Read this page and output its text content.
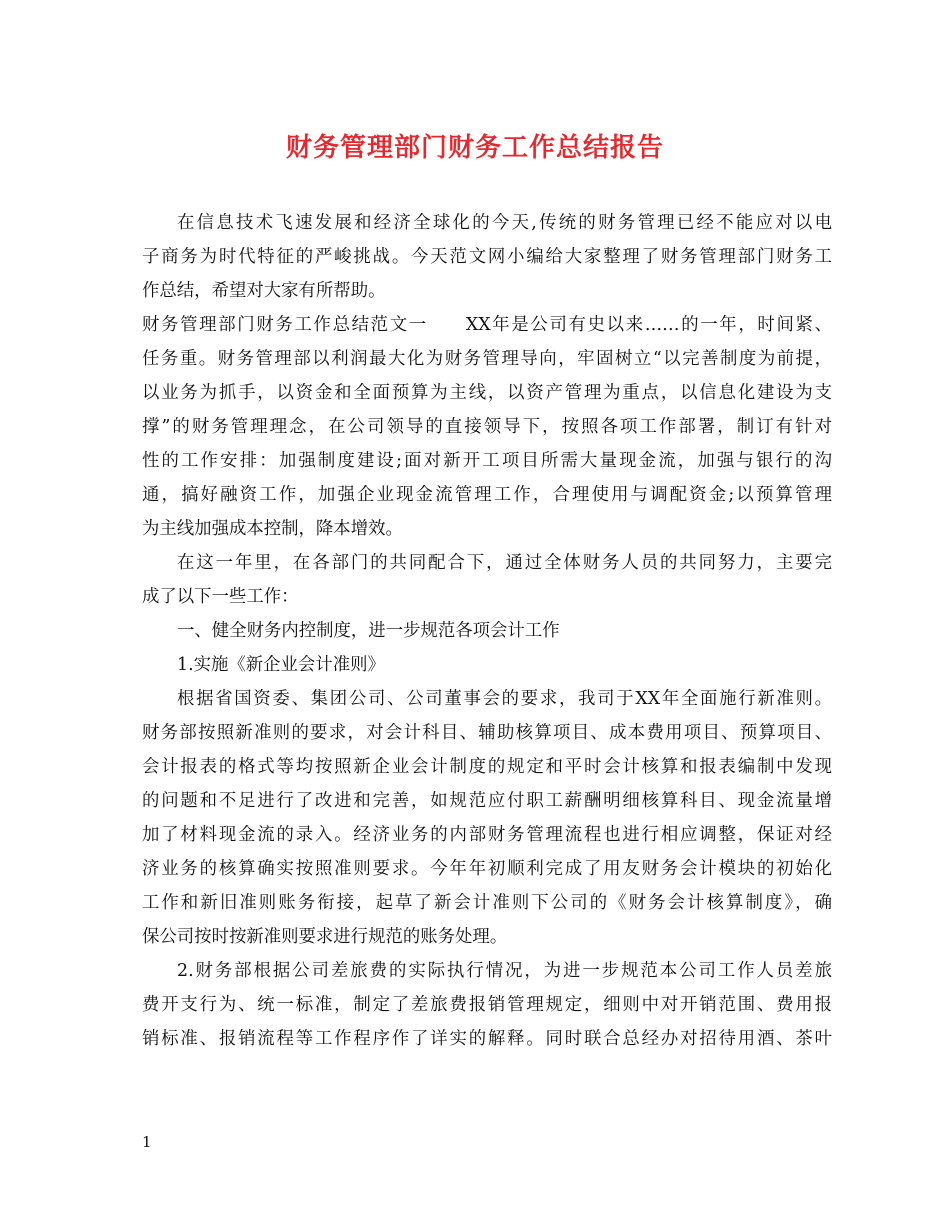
财务管理部门财务工作总结报告
在信息技术飞速发展和经济全球化的今天,传统的财务管理已经不能应对以电
子商务为时代特征的严峻挑战。今天范文网小编给大家整理了财务管理部门财务工
作总结，希望对大家有所帮助。
财务管理部门财务工作总结范文一 XX年是公司有史以来……的一年，时间紧、
任务重。财务管理部以利润最大化为财务管理导向，牢固树立“以完善制度为前提，
以业务为抓手，以资金和全面预算为主线，以资产管理为重点，以信息化建设为支
撑”的财务管理理念，在公司领导的直接领导下，按照各项工作部署，制订有针对
性的工作安排：加强制度建设;面对新开工项目所需大量现金流，加强与银行的沟
通，搞好融资工作，加强企业现金流管理工作，合理使用与调配资金;以预算管理
为主线加强成本控制，降本增效。
在这一年里，在各部门的共同配合下，通过全体财务人员的共同努力，主要完
成了以下一些工作：
一、健全财务内控制度，进一步规范各项会计工作
1.实施《新企业会计准则》
根据省国资委、集团公司、公司董事会的要求，我司于XX年全面施行新准则。
财务部按照新准则的要求，对会计科目、辅助核算项目、成本费用项目、预算项目、
会计报表的格式等均按照新企业会计制度的规定和平时会计核算和报表编制中发现
的问题和不足进行了改进和完善，如规范应付职工薪酬明细核算科目、现金流量增
加了材料现金流的录入。经济业务的内部财务管理流程也进行相应调整，保证对经
济业务的核算确实按照准则要求。今年年初顺利完成了用友财务会计模块的初始化
工作和新旧准则账务衔接，起草了新会计准则下公司的《财务会计核算制度》，确
保公司按时按新准则要求进行规范的账务处理。
2.财务部根据公司差旅费的实际执行情况，为进一步规范本公司工作人员差旅
费开支行为、统一标准，制定了差旅费报销管理规定，细则中对开销范围、费用报
销标准、报销流程等工作程序作了详实的解释。同时联合总经办对招待用酒、茶叶
1
